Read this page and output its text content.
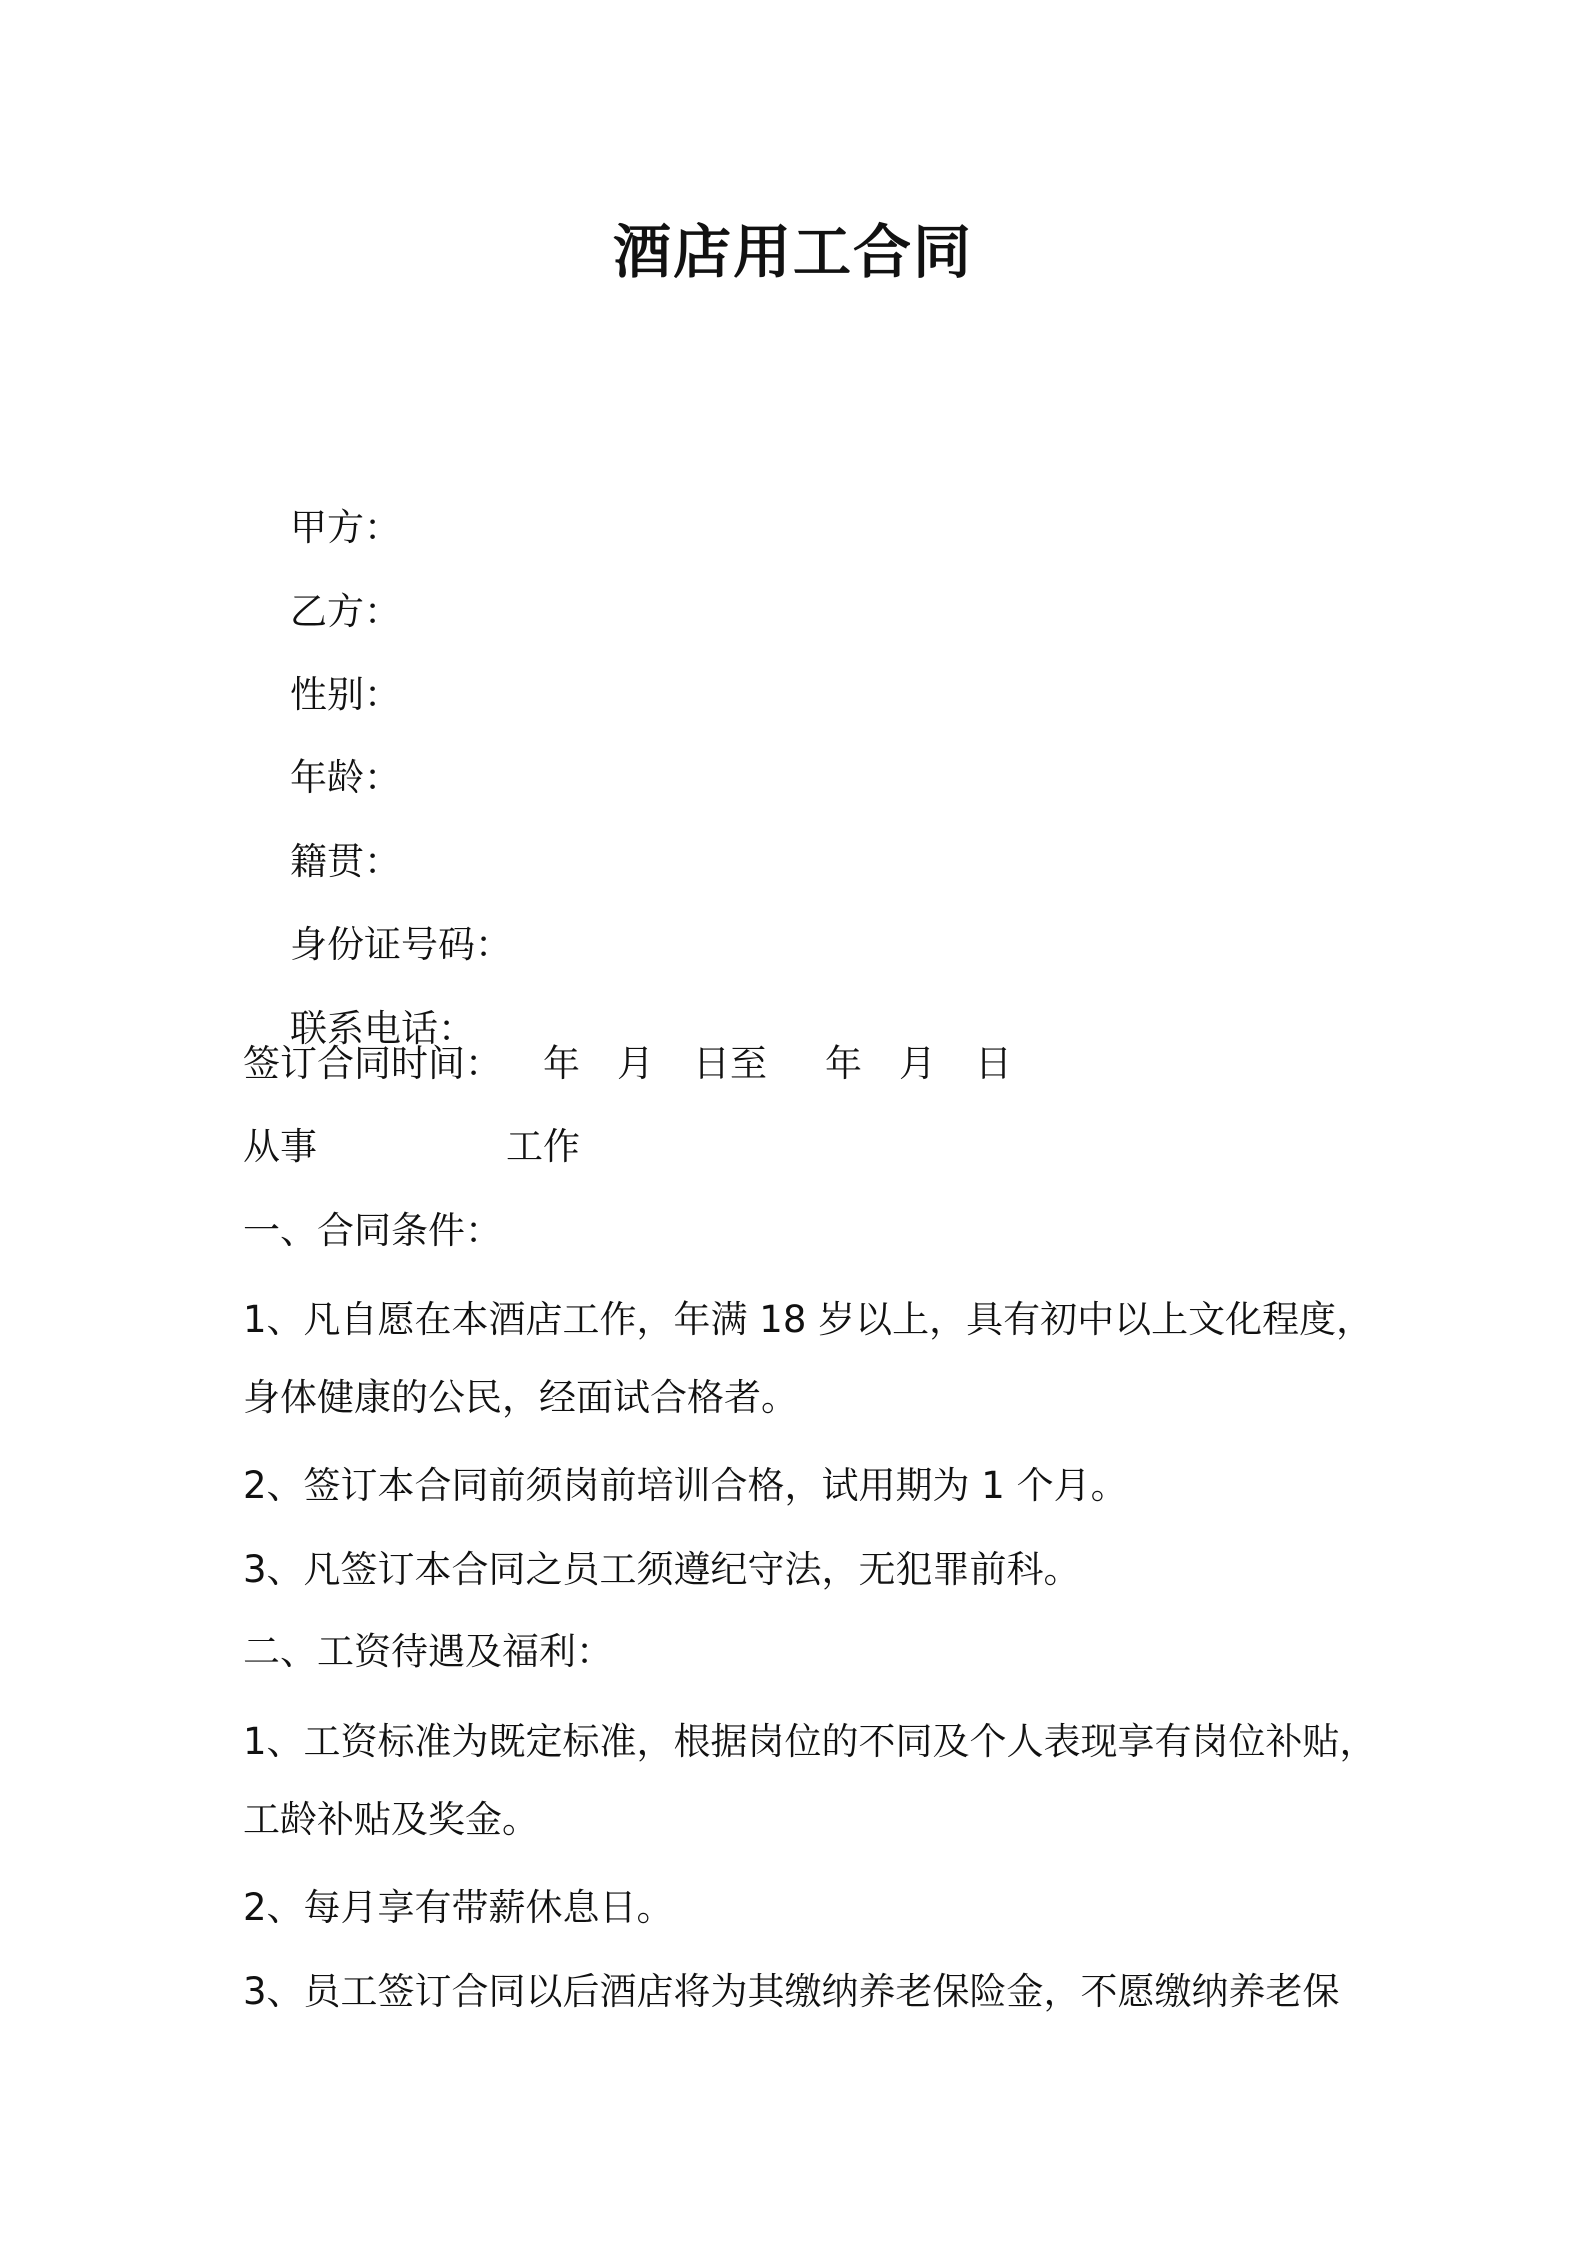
酒店用工合同

甲方：

乙方：

性别：

年龄：

籍贯：

身份证号码：

联系电话：

签订合同时间：

年

月

日至

年

月

日

从事

	工作

一、合同条件：
1、凡自愿在本酒店工作，年满 18 岁以上，具有初中以上文化程度，
身体健康的公民，经面试合格者。
2、签订本合同前须岗前培训合格，试用期为 1 个月。
3、凡签订本合同之员工须遵纪守法，无犯罪前科。
二、工资待遇及福利：
1、工资标准为既定标准，根据岗位的不同及个人表现享有岗位补贴，
工龄补贴及奖金。
2、每月享有带薪休息日。
3、员工签订合同以后酒店将为其缴纳养老保险金，不愿缴纳养老保
